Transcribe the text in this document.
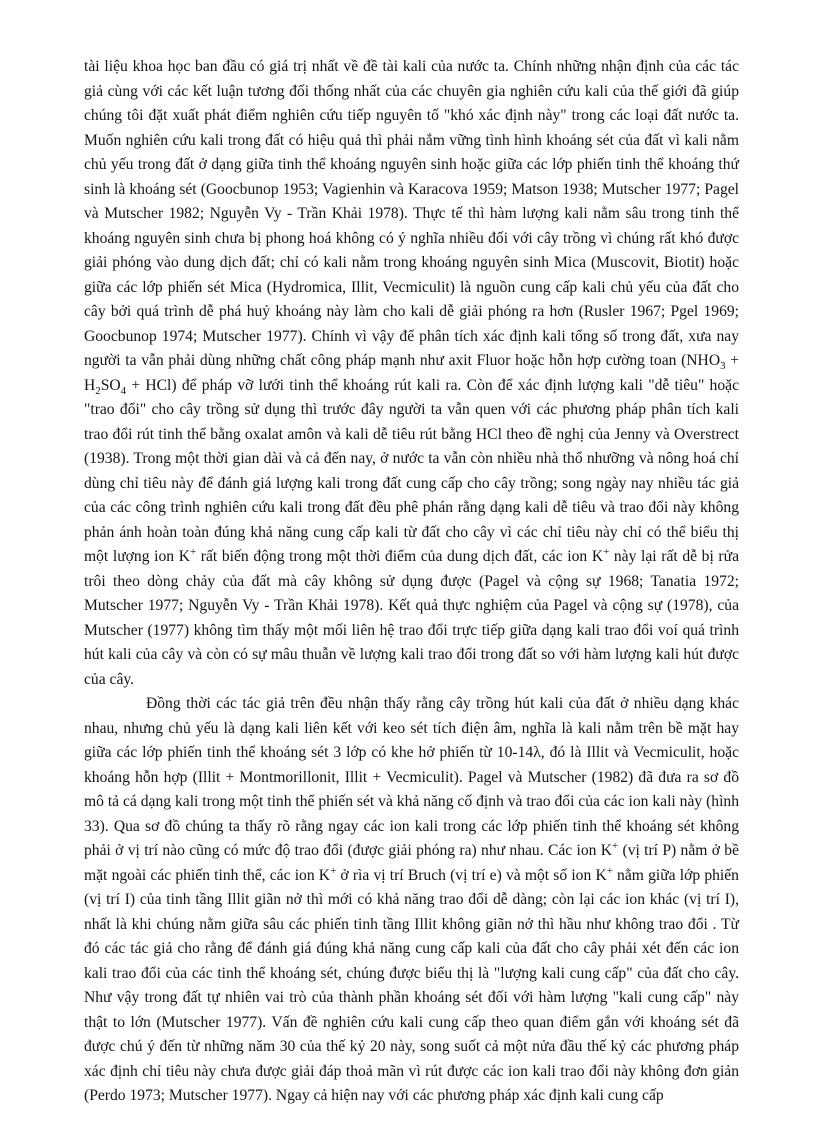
tài liệu khoa học ban đầu có giá trị nhất về đề tài kali của nước ta. Chính những nhận định của các tác giả cùng với các kết luận tương đối thống nhất của các chuyên gia nghiên cứu kali của thế giới đã giúp chúng tôi đặt xuất phát điểm nghiên cứu tiếp nguyên tố "khó xác định này" trong các loại đất nước ta. Muốn nghiên cứu kali trong đất có hiệu quả thì phải nắm vững tình hình khoáng sét của đất vì kali nằm chủ yếu trong đất ở dạng giữa tinh thể khoáng nguyên sinh hoặc giữa các lớp phiến tinh thể khoáng thứ sinh là khoáng sét (Goocbunop 1953; Vagienhin và Karacova 1959; Matson 1938; Mutscher 1977; Pagel và Mutscher 1982; Nguyễn Vy - Trần Khải 1978). Thực tế thì hàm lượng kali nằm sâu trong tinh thể khoáng nguyên sinh chưa bị phong hoá không có ý nghĩa nhiều đối với cây trồng vì chúng rất khó được giải phóng vào dung dịch đất; chỉ có kali nằm trong khoáng nguyên sinh Mica (Muscovit, Biotit) hoặc giữa các lớp phiến sét Mica (Hydromica, Illit, Vecmiculit) là nguồn cung cấp kali chủ yếu của đất cho cây bởi quá trình dễ phá huỷ khoáng này làm cho kali dễ giải phóng ra hơn (Rusler 1967; Pgel 1969; Goocbunop 1974; Mutscher 1977). Chính vì vậy để phân tích xác định kali tổng số trong đất, xưa nay người ta vẫn phải dùng những chất công pháp mạnh như axit Fluor hoặc hỗn hợp cường toan $(NHO_3 + H_2SO_4 + HCl)$ để pháp vỡ lưới tinh thể khoáng rút kali ra. Còn để xác định lượng kali "dễ tiêu" hoặc "trao đổi" cho cây trồng sử dụng thì trước đây người ta vẫn quen với các phương pháp phân tích kali trao đổi rút tinh thể bằng oxalat amôn và kali dễ tiêu rút bằng HCl theo đề nghị của Jenny và Overstrect (1938). Trong một thời gian dài và cả đến nay, ở nước ta vẫn còn nhiều nhà thổ nhưỡng và nông hoá chỉ dùng chỉ tiêu này để đánh giá lượng kali trong đất cung cấp cho cây trồng; song ngày nay nhiều tác giả của các công trình nghiên cứu kali trong đất đều phê phán rằng dạng kali dễ tiêu và trao đổi này không phản ánh hoàn toàn đúng khả năng cung cấp kali từ đất cho cây vì các chỉ tiêu này chỉ có thể biểu thị một lượng ion K+ rất biến động trong một thời điểm của dung dịch đất, các ion K+ này lại rất dễ bị rửa trôi theo dòng chảy của đất mà cây không sử dụng được (Pagel và cộng sự 1968; Tanatia 1972; Mutscher 1977; Nguyễn Vy - Trần Khải 1978). Kết quả thực nghiệm của Pagel và cộng sự (1978), của Mutscher (1977) không tìm thấy một mối liên hệ trao đổi trực tiếp giữa dạng kali trao đổi voí quá trình hút kali của cây và còn có sự mâu thuẫn về lượng kali trao đổi trong đất so với hàm lượng kali hút được của cây.

Đồng thời các tác giả trên đều nhận thấy rằng cây trồng hút kali của đất ở nhiều dạng khác nhau, nhưng chủ yếu là dạng kali liên kết với keo sét tích điện âm, nghĩa là kali nằm trên bề mặt hay giữa các lớp phiến tinh thể khoáng sét 3 lớp có khe hở phiến từ 10-14λ, đó là Illit và Vecmiculit, hoặc khoáng hỗn hợp (Illit + Montmorillonit, Illit + Vecmiculit). Pagel và Mutscher (1982) đã đưa ra sơ đồ mô tả cá dạng kali trong một tinh thể phiến sét và khả năng cố định và trao đổi của các ion kali này (hình 33). Qua sơ đồ chúng ta thấy rõ rằng ngay các ion kali trong các lớp phiến tinh thể khoáng sét không phải ở vị trí nào cũng có mức độ trao đổi (được giải phóng ra) như nhau. Các ion K+ (vị trí P) nằm ở bề mặt ngoài các phiến tinh thể, các ion K+ ở rìa vị trí Bruch (vị trí e) và một số ion K+ nằm giữa lớp phiến (vị trí I) của tinh tầng Illit giãn nở thì mới có khả năng trao đổi dễ dàng; còn lại các ion khác (vị trí I), nhất là khi chúng nằm giữa sâu các phiến tinh tầng Illit không giãn nở thì hầu như không trao đổi . Từ đó các tác giả cho rằng để đánh giá đúng khả năng cung cấp kali của đất cho cây phải xét đến các ion kali trao đổi của các tinh thể khoáng sét, chúng được biểu thị là "lượng kali cung cấp" của đất cho cây. Như vậy trong đất tự nhiên vai trò của thành phần khoáng sét đối với hàm lượng "kali cung cấp" này thật to lớn (Mutscher 1977). Vấn đề nghiên cứu kali cung cấp theo quan điểm gắn với khoáng sét đã được chú ý đến từ những năm 30 của thế kỷ 20 này, song suốt cả một nửa đầu thế kỷ các phương pháp xác định chỉ tiêu này chưa được giải đáp thoả mãn vì rút được các ion kali trao đổi này không đơn giản (Perdo 1973; Mutscher 1977). Ngay cả hiện nay với các phương pháp xác định kali cung cấp
